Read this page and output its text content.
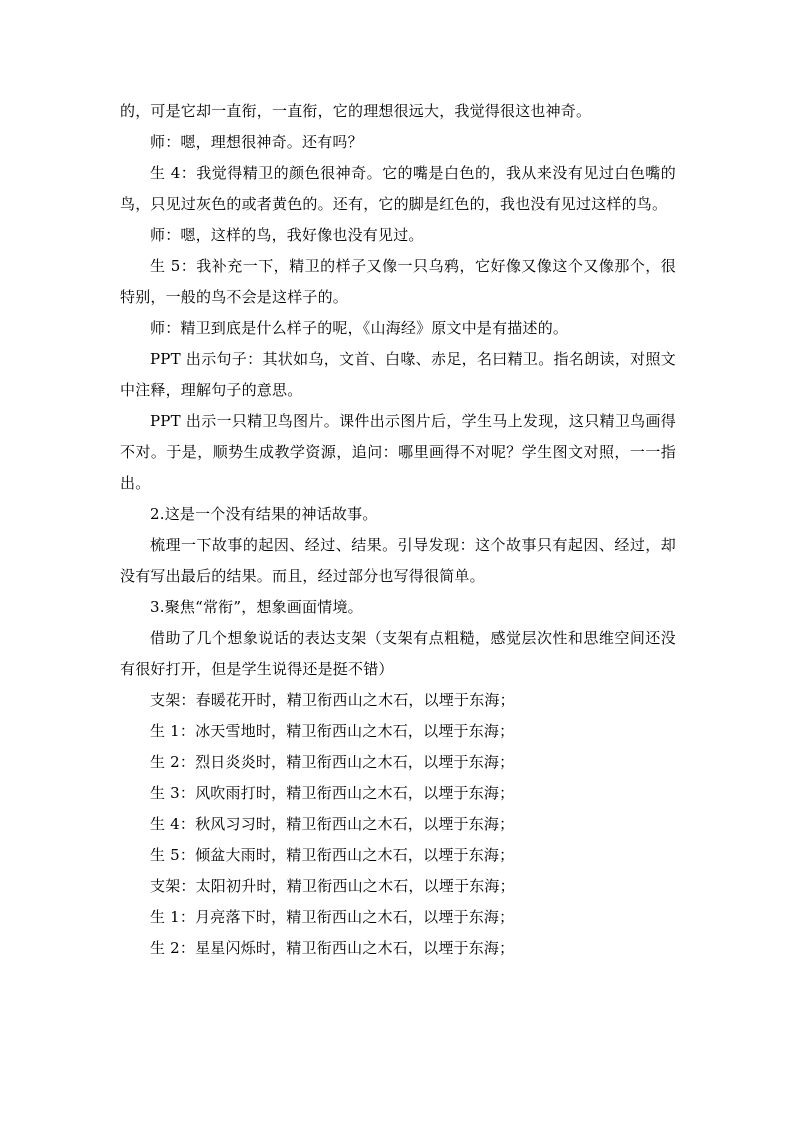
的，可是它却一直衔，一直衔，它的理想很远大，我觉得很这也神奇。

师：嗯，理想很神奇。还有吗？

生 4：我觉得精卫的颜色很神奇。它的嘴是白色的，我从来没有见过白色嘴的鸟，只见过灰色的或者黄色的。还有，它的脚是红色的，我也没有见过这样的鸟。

师：嗯，这样的鸟，我好像也没有见过。

生 5：我补充一下，精卫的样子又像一只乌鸦，它好像又像这个又像那个，很特别，一般的鸟不会是这样子的。

师：精卫到底是什么样子的呢，《山海经》原文中是有描述的。

PPT 出示句子：其状如乌，文首、白喙、赤足，名曰精卫。指名朗读，对照文中注释，理解句子的意思。

PPT 出示一只精卫鸟图片。课件出示图片后，学生马上发现，这只精卫鸟画得不对。于是，顺势生成教学资源，追问：哪里画得不对呢？学生图文对照，一一指出。

2.这是一个没有结果的神话故事。

梳理一下故事的起因、经过、结果。引导发现：这个故事只有起因、经过，却没有写出最后的结果。而且，经过部分也写得很简单。

3.聚焦“常衔”，想象画面情境。

借助了几个想象说话的表达支架（支架有点粗糙，感觉层次性和思维空间还没有很好打开，但是学生说得还是挺不错）

支架：春暖花开时，精卫衔西山之木石，以堙于东海；

生 1：冰天雪地时，精卫衔西山之木石，以堙于东海；

生 2：烈日炎炎时，精卫衔西山之木石，以堙于东海；

生 3：风吹雨打时，精卫衔西山之木石，以堙于东海；

生 4：秋风习习时，精卫衔西山之木石，以堙于东海；

生 5：倾盆大雨时，精卫衔西山之木石，以堙于东海；

支架：太阳初升时，精卫衔西山之木石，以堙于东海；

生 1：月亮落下时，精卫衔西山之木石，以堙于东海；

生 2：星星闪烁时，精卫衔西山之木石，以堙于东海；
